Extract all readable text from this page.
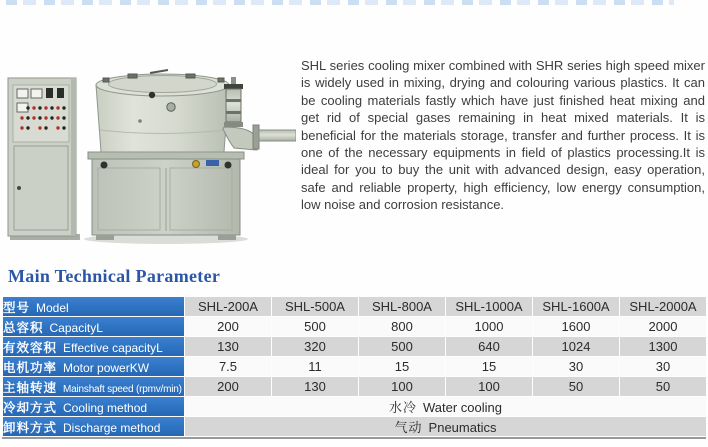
SHL series cooling mixer combined with SHR series high speed mixer is widely used in mixing, drying and colouring various plastics. It can be cooling materials fastly which have just finished heat mixing and get rid of special gases remaining in heat mixed materials. It is beneficial for the materials storage, transfer and further process. It is one of the necessary equipments in field of plastics processing.It is ideal for you to buy the unit with advanced design, easy operation, safe and reliable property, high efficiency, low energy consumption, low noise and corrosion resistance.

Main Technical Parameter
型号 Model	SHL-200A	SHL-500A	SHL-800A	SHL-1000A	SHL-1600A	SHL-2000A
总容积 CapacityL	200	500	800	1000	1600	2000
有效容积 Effective capacityL	130	320	500	640	1024	1300
电机功率 Motor powerKW	7.5	11	15	15	30	30
主轴转速 Mainshaft speed (rpmv/min)	200	130	100	100	50	50
冷却方式 Cooling method	水冷 Water cooling					
卸料方式 Discharge method	气动 Pneumatics					
